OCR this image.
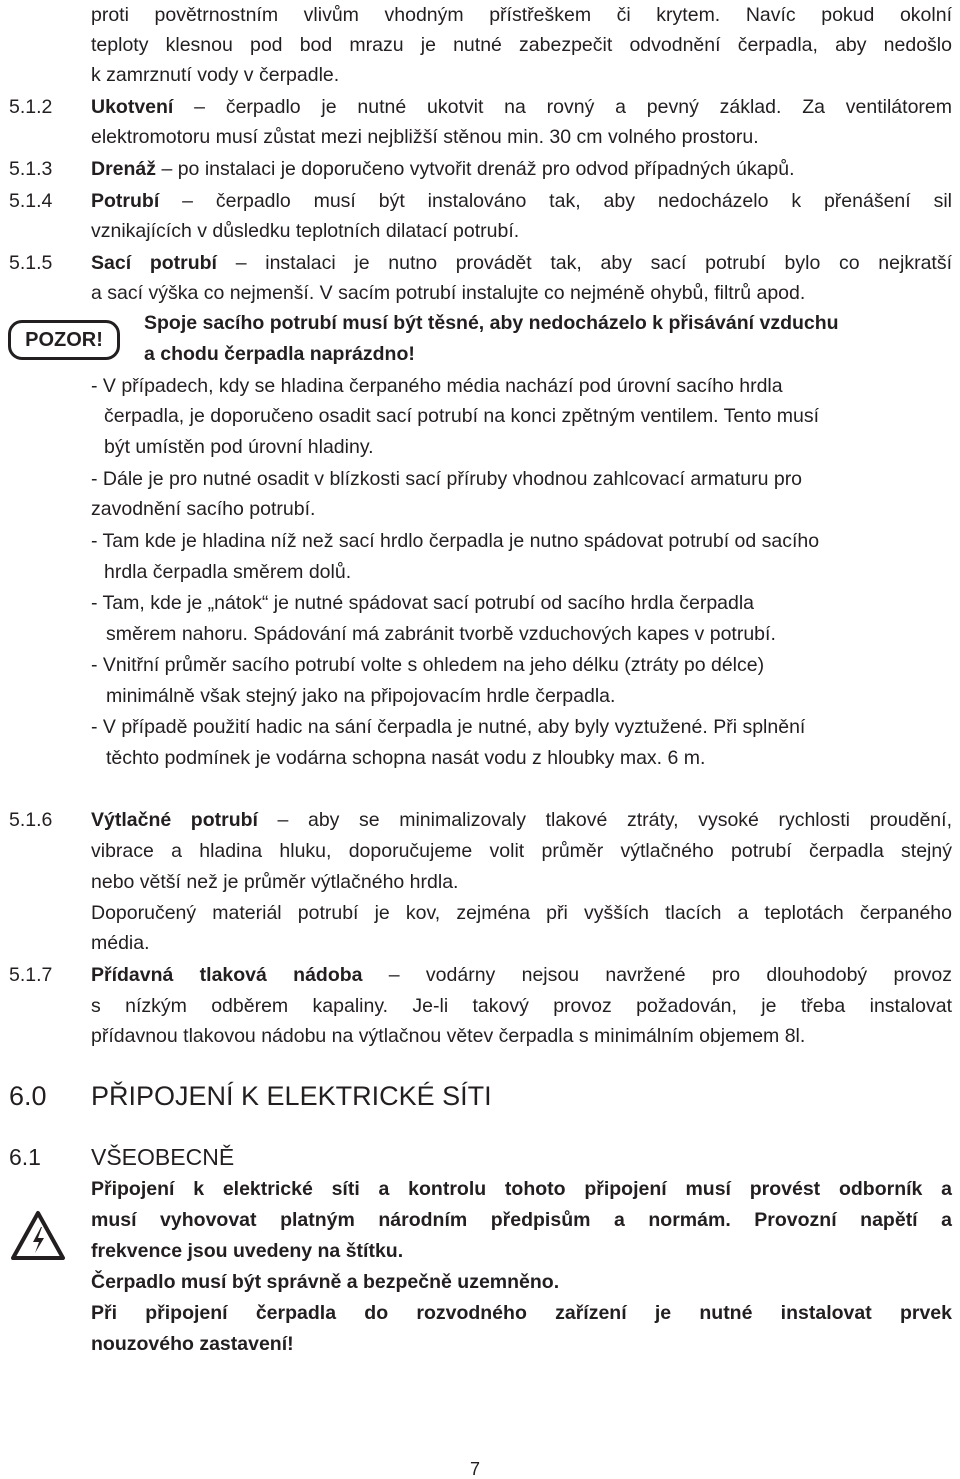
proti povětrnostním vlivům vhodným přístřeškem či krytem. Navíc pokud okolní
teploty klesnou pod bod mrazu je nutné zabezpečit odvodnění čerpadla, aby nedošlo
k zamrznutí vody v čerpadle.
5.1.2 Ukotvení – čerpadlo je nutné ukotvit na rovný a pevný základ. Za ventilátorem
elektromotoru musí zůstat mezi nejbližší stěnou min. 30 cm volného prostoru.
5.1.3 Drenáž – po instalaci je doporučeno vytvořit drenáž pro odvod případných úkapů.
5.1.4 Potrubí – čerpadlo musí být instalováno tak, aby nedocházelo k přenášení sil
vznikajících v důsledku teplotních dilatací potrubí.
5.1.5 Sací potrubí – instalaci je nutno provádět tak, aby sací potrubí bylo co nejkratší
a sací výška co nejmenší. V sacím potrubí instalujte co nejméně ohybů, filtrů apod.
POZOR!
Spoje sacího potrubí musí být těsné, aby nedocházelo k přisávání vzduchu
a chodu čerpadla naprázdno!
- V případech, kdy se hladina čerpaného média nachází pod úrovní sacího hrdla
čerpadla, je doporučeno osadit sací potrubí na konci zpětným ventilem. Tento musí
být umístěn pod úrovní hladiny.
- Dále je pro nutné osadit v blízkosti sací příruby vhodnou zahlcovací armaturu pro
zavodnění sacího potrubí.
- Tam kde je hladina níž než sací hrdlo čerpadla je nutno spádovat potrubí od sacího
hrdla čerpadla směrem dolů.
- Tam, kde je „nátok“ je nutné spádovat sací potrubí od sacího hrdla čerpadla
směrem nahoru. Spádování má zabránit tvorbě vzduchových kapes v potrubí.
- Vnitřní průměr sacího potrubí volte s ohledem na jeho délku (ztráty po délce)
minimálně však stejný jako na připojovacím hrdle čerpadla.
- V případě použití hadic na sání čerpadla je nutné, aby byly vyztužené. Při splnění
těchto podmínek je vodárna schopna nasát vodu z hloubky max. 6 m.
5.1.6 Výtlačné potrubí – aby se minimalizovaly tlakové ztráty, vysoké rychlosti proudění,
vibrace a hladina hluku, doporučujeme volit průměr výtlačného potrubí čerpadla stejný
nebo větší než je průměr výtlačného hrdla.
Doporučený materiál potrubí je kov, zejména při vyšších tlacích a teplotách čerpaného
média.
5.1.7 Přídavná tlaková nádoba – vodárny nejsou navržené pro dlouhodobý provoz
s nízkým odběrem kapaliny. Je-li takový provoz požadován, je třeba instalovat
přídavnou tlakovou nádobu na výtlačnou větev čerpadla s minimálním objemem 8l.
6.0 PŘIPOJENÍ K ELEKTRICKÉ SÍTI
6.1 VŠEOBECNĚ
Připojení k elektrické síti a kontrolu tohoto připojení musí provést odborník a
musí vyhovovat platným národním předpisům a normám. Provozní napětí a
frekvence jsou uvedeny na štítku.
Čerpadlo musí být správně a bezpečně uzemněno.
Při připojení čerpadla do rozvodného zařízení je nutné instalovat prvek
nouzového zastavení!
7
